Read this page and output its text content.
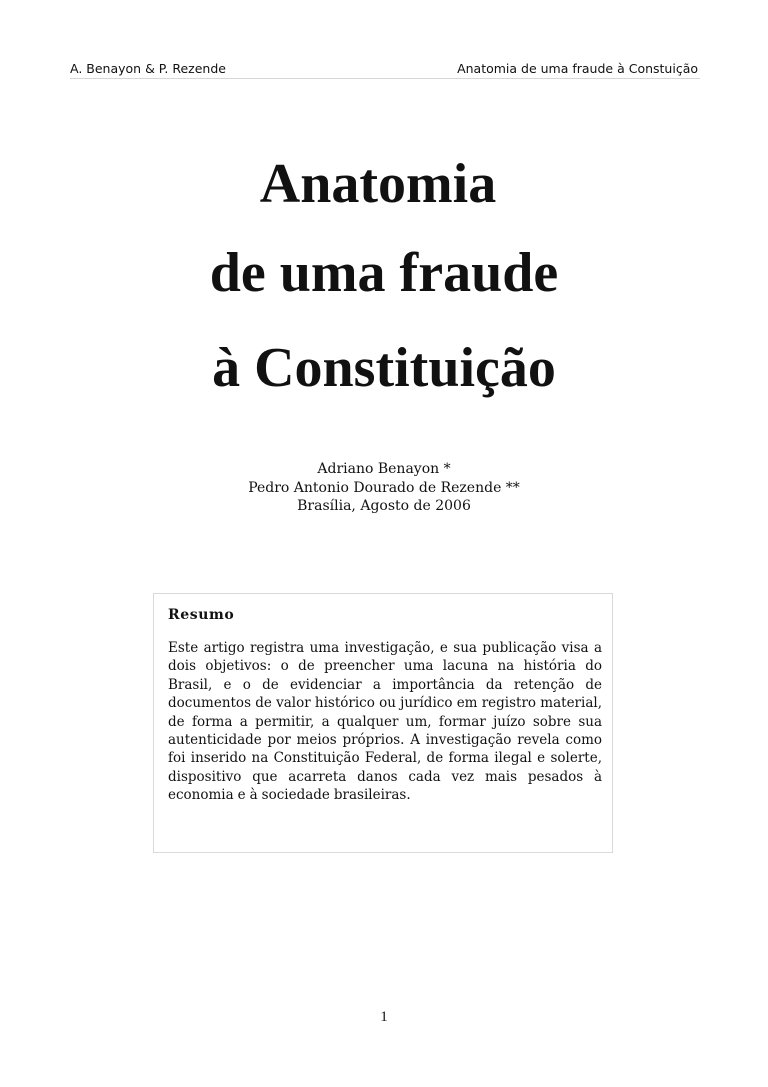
A. Benayon & P. Rezende	Anatomia de uma fraude à Constuição
Anatomia
de uma fraude
à Constituição
Adriano Benayon *
Pedro Antonio Dourado de Rezende **
Brasília, Agosto de 2006
Resumo
Este artigo registra uma investigação, e sua publicação visa a dois objetivos: o de preencher uma lacuna na história do Brasil, e o de evidenciar a importância da retenção de documentos de valor histórico ou jurídico em registro material, de forma a permitir, a qualquer um, formar juízo sobre sua autenticidade por meios próprios. A investigação revela como foi inserido na Constituição Federal, de forma ilegal e solerte, dispositivo que acarreta danos cada vez mais pesados à economia e à sociedade brasileiras.
1
